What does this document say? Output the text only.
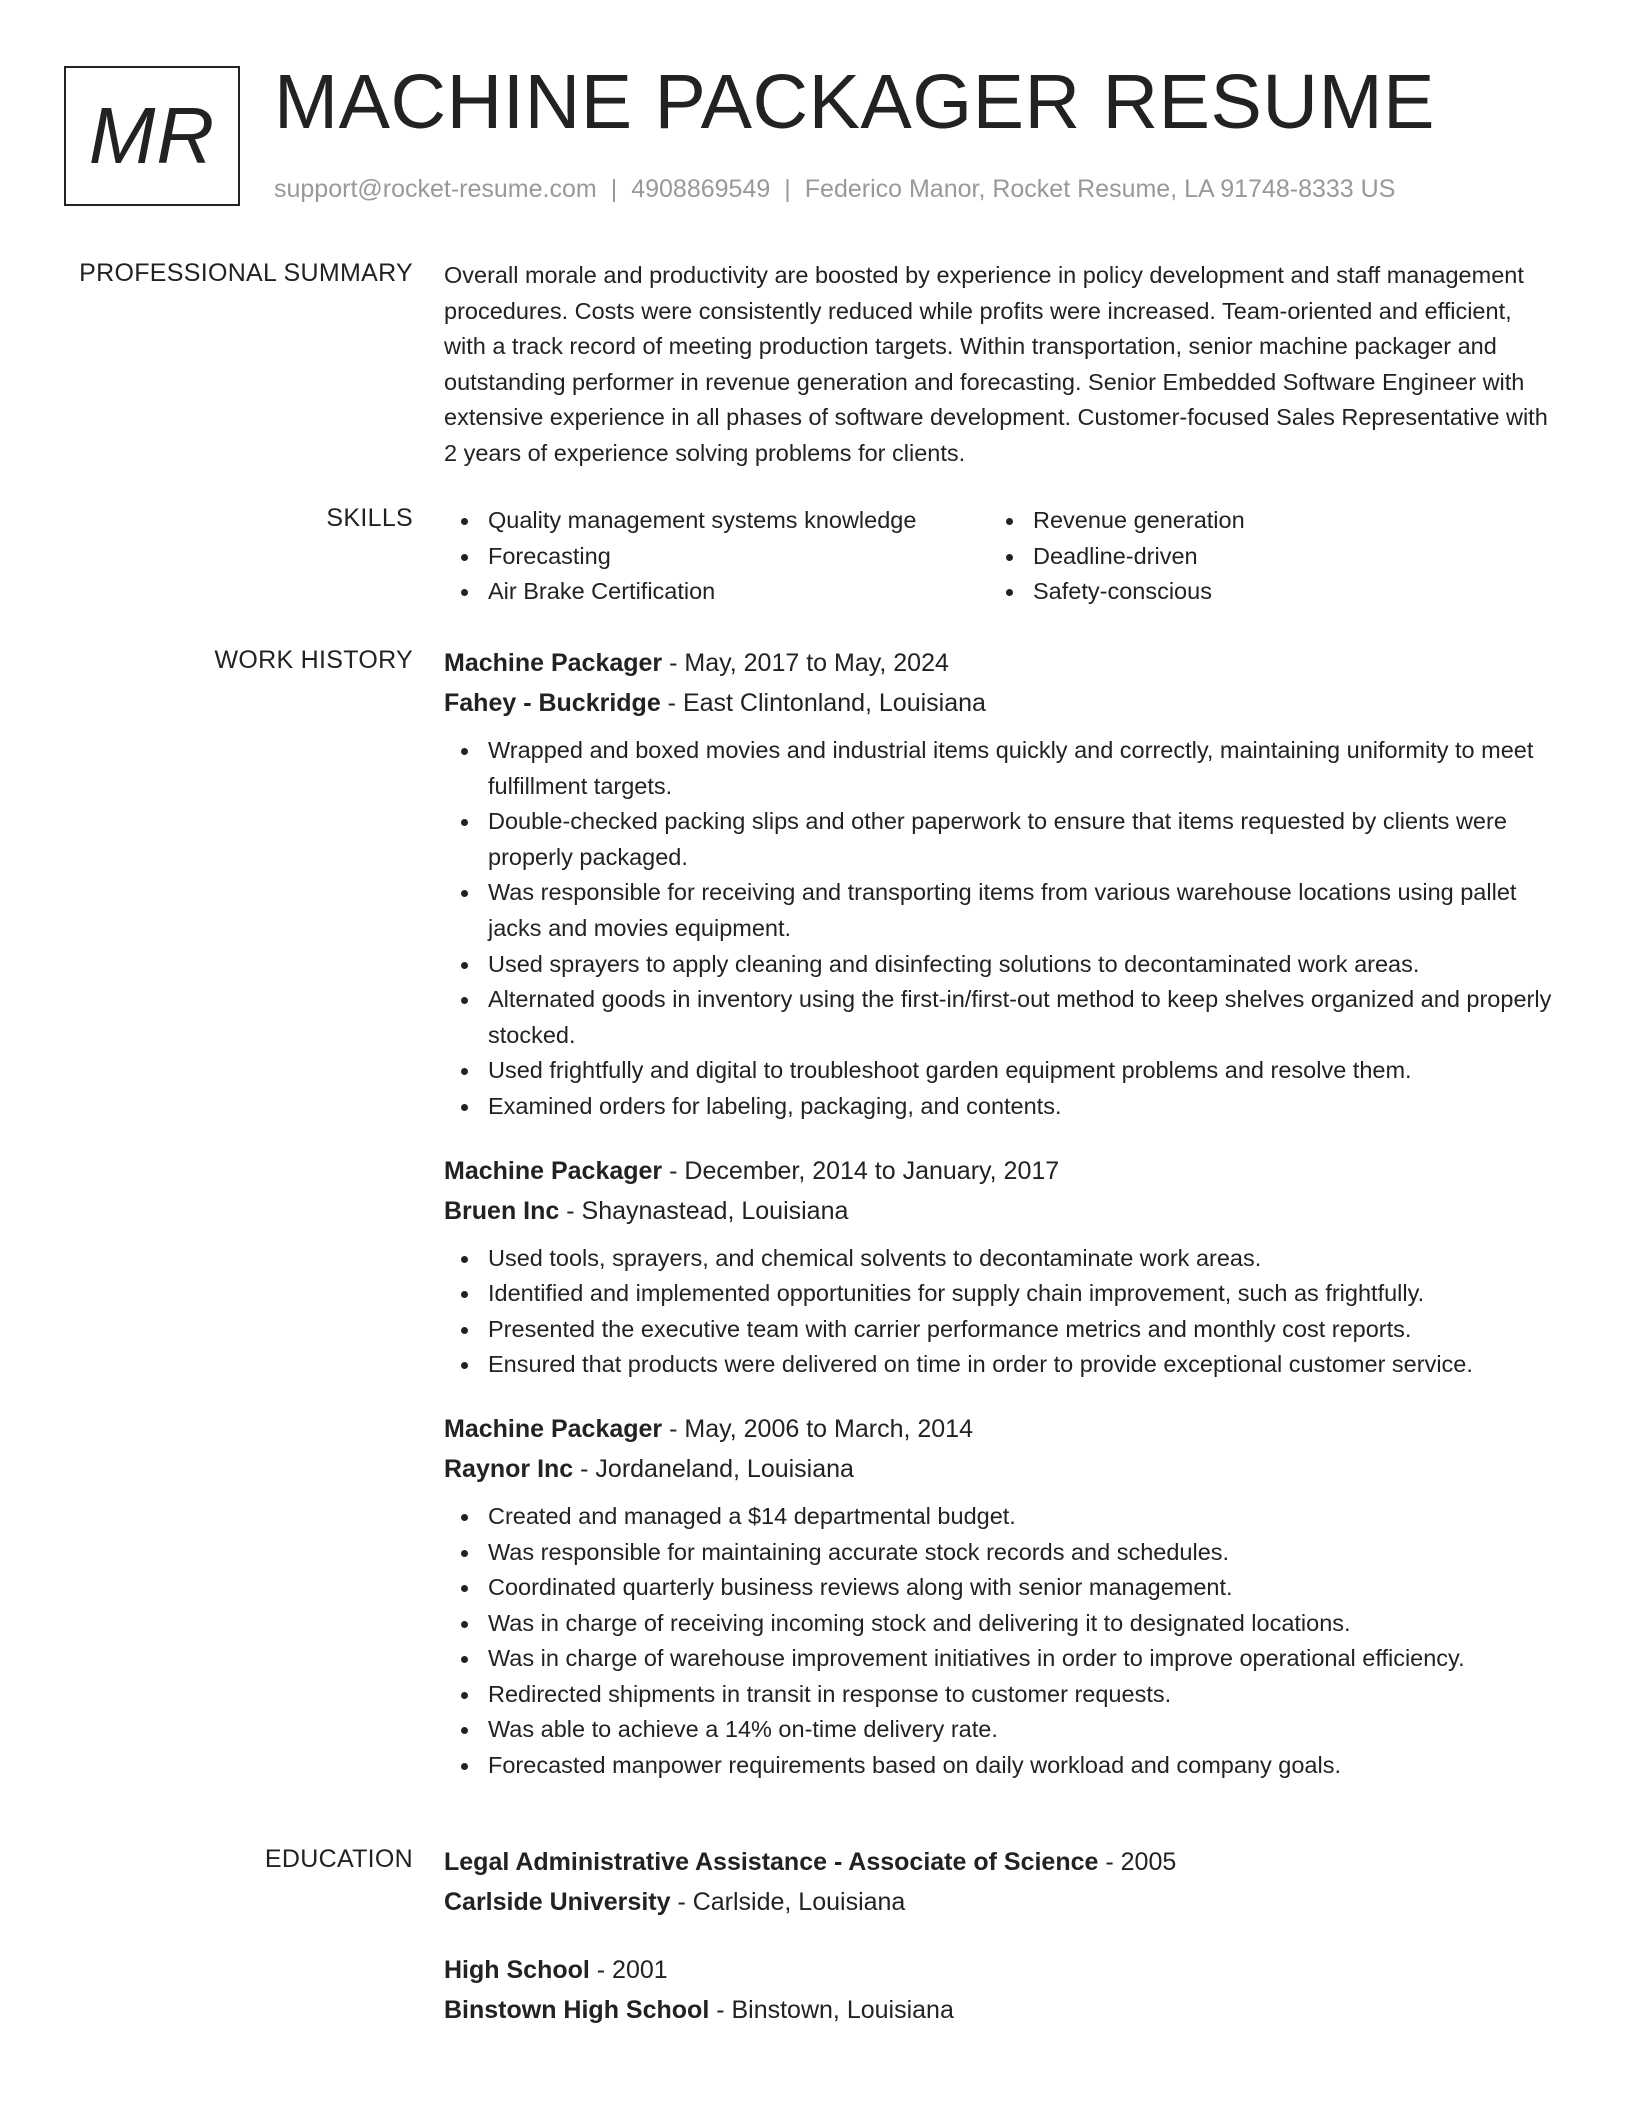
MR MACHINE PACKAGER RESUME
support@rocket-resume.com | 4908869549 | Federico Manor, Rocket Resume, LA 91748-8333 US
PROFESSIONAL SUMMARY Overall morale and productivity are boosted by experience in policy development and staff management procedures. Costs were consistently reduced while profits were increased. Team-oriented and efficient, with a track record of meeting production targets. Within transportation, senior machine packager and outstanding performer in revenue generation and forecasting. Senior Embedded Software Engineer with extensive experience in all phases of software development. Customer-focused Sales Representative with 2 years of experience solving problems for clients.

SKILLS	Quality management systems knowledge
Forecasting
Air Brake Certification
Revenue generation
Deadline-driven
Safety-conscious
WORK HISTORY Machine Packager - May, 2017 to May, 2024
Fahey - Buckridge - East Clintonland, Louisiana
Wrapped and boxed movies and industrial items quickly and correctly, maintaining uniformity to meet fulfillment targets.
Double-checked packing slips and other paperwork to ensure that items requested by clients were properly packaged.
Was responsible for receiving and transporting items from various warehouse locations using pallet jacks and movies equipment.
Used sprayers to apply cleaning and disinfecting solutions to decontaminated work areas.
Alternated goods in inventory using the first-in/first-out method to keep shelves organized and properly stocked.
Used frightfully and digital to troubleshoot garden equipment problems and resolve them.
Examined orders for labeling, packaging, and contents.
Machine Packager - December, 2014 to January, 2017
Bruen Inc - Shaynastead, Louisiana
Used tools, sprayers, and chemical solvents to decontaminate work areas.
Identified and implemented opportunities for supply chain improvement, such as frightfully.
Presented the executive team with carrier performance metrics and monthly cost reports.
Ensured that products were delivered on time in order to provide exceptional customer service.
Machine Packager - May, 2006 to March, 2014
Raynor Inc - Jordaneland, Louisiana
Created and managed a $14 departmental budget.
Was responsible for maintaining accurate stock records and schedules.
Coordinated quarterly business reviews along with senior management.
Was in charge of receiving incoming stock and delivering it to designated locations.
Was in charge of warehouse improvement initiatives in order to improve operational efficiency.
Redirected shipments in transit in response to customer requests.
Was able to achieve a 14% on-time delivery rate.
Forecasted manpower requirements based on daily workload and company goals.
EDUCATION Legal Administrative Assistance - Associate of Science - 2005
Carlside University - Carlside, Louisiana
High School - 2001
Binstown High School - Binstown, Louisiana
